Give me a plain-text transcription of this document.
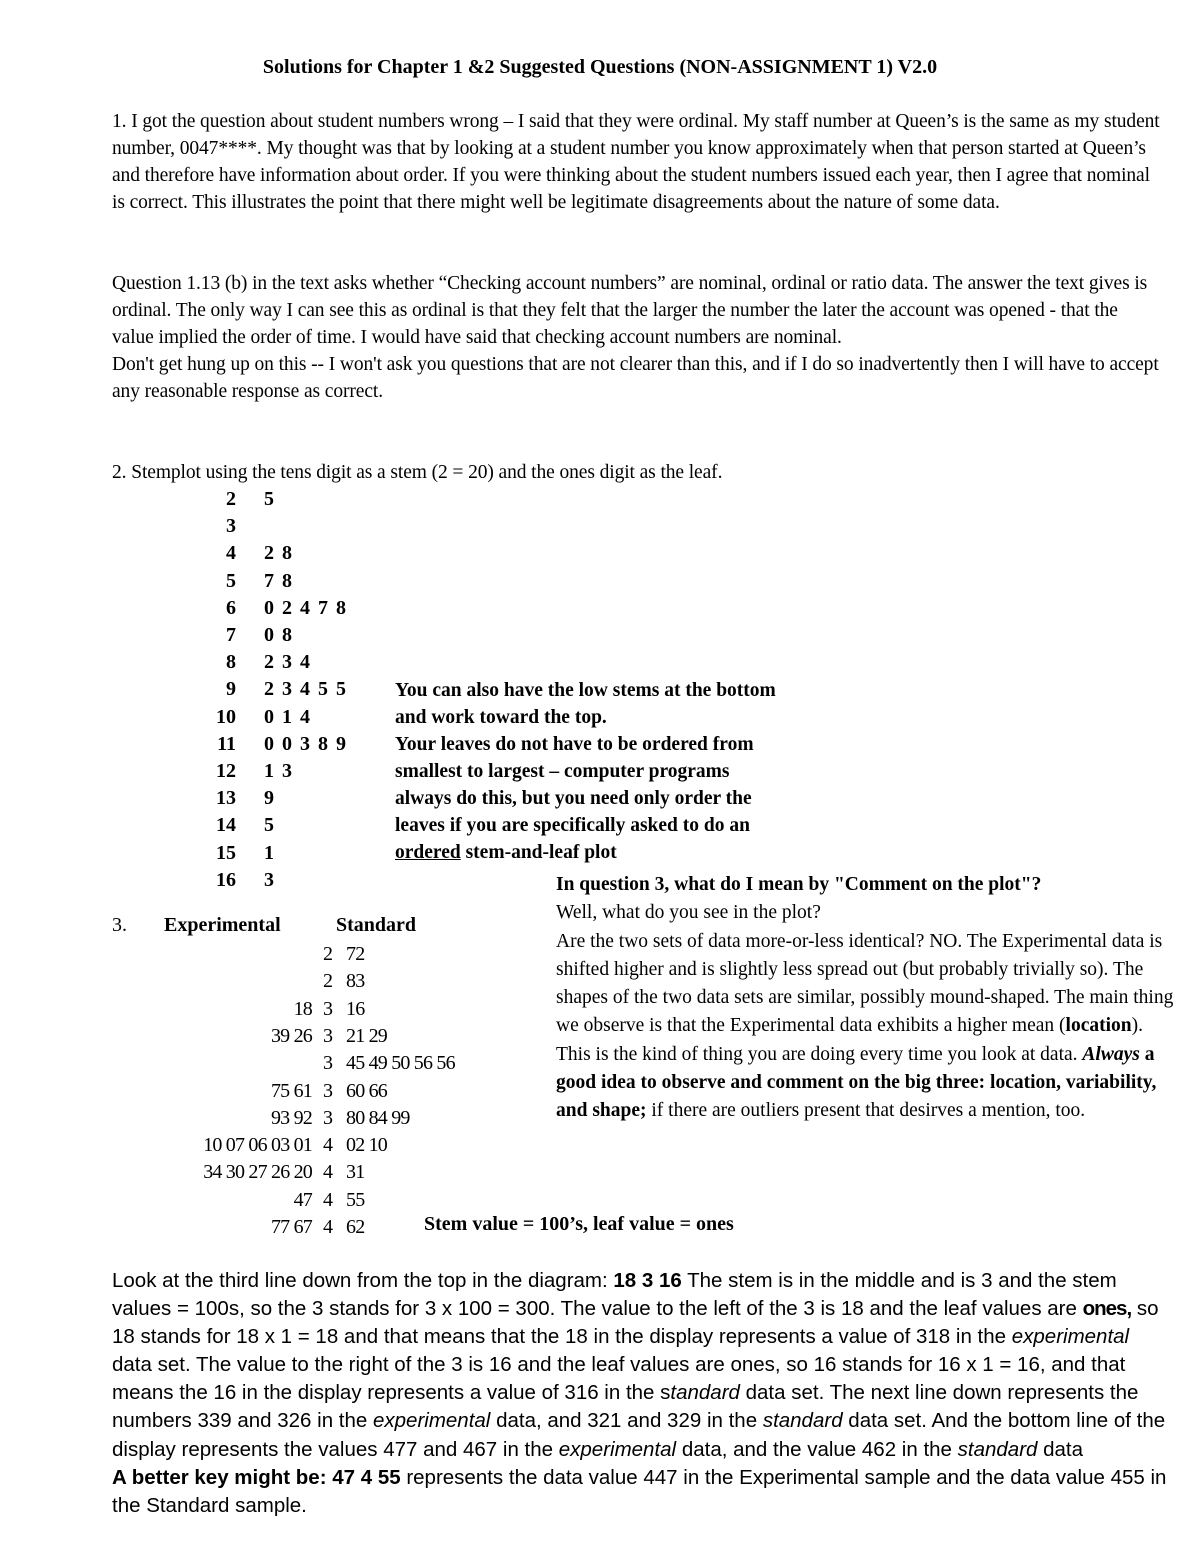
Solutions for Chapter 1 &2 Suggested Questions (NON-ASSIGNMENT 1) V2.0

1. I got the question about student numbers wrong – I said that they were ordinal. My staff number at Queen’s is the same as my student number, 0047****. My thought was that by looking at a student number you know approximately when that person started at Queen’s and therefore have information about order. If you were thinking about the student numbers issued each year, then I agree that nominal is correct. This illustrates the point that there might well be legitimate disagreements about the nature of some data.

Question 1.13 (b) in the text asks whether “Checking account numbers” are nominal, ordinal or ratio data. The answer the text gives is ordinal. The only way I can see this as ordinal is that they felt that the larger the number the later the account was opened - that the value implied the order of time. I would have said that checking account numbers are nominal.

Don't get hung up on this -- I won't ask you questions that are not clearer than this, and if I do so inadvertently then I will have to accept any reasonable response as correct.

2. Stemplot using the tens digit as a stem (2 = 20) and the ones digit as the leaf.

2 5
3
4 2 8
5 7 8
6 0 2 4 7 8
7 0 8
8 2 3 4
9 2 3 4 5 5
10 0 1 4
11 0 0 3 8 9
12 1 3
13 9
14 5
15 1
16 3

You can also have the low stems at the bottom

and work toward the top.

Your leaves do not have to be ordered from

smallest to largest – computer programs

always do this, but you need only order the

leaves if you are specifically asked to do an

ordered stem-and-leaf plot

3. Experimental	Standard
2 72
2 83
18 3 16
39 26 3 21 29
3 45 49 50 56 56
75 61 3 60 66
93 92 3 80 84 99
10 07 06 03 01 4 02 10
34 30 27 26 20 4 31
47 4 55
77 67 4 62	Stem value = 100’s, leaf value = ones

In question 3, what do I mean by "Comment on the plot"?

Well, what do you see in the plot?

Are the two sets of data more-or-less identical? NO. The Experimental data is shifted higher and is slightly less spread out (but probably trivially so). The shapes of the two data sets are similar, possibly mound-shaped. The main thing we observe is that the Experimental data exhibits a higher mean (location).

This is the kind of thing you are doing every time you look at data. Always a good idea to observe and comment on the big three: location, variability, and shape; if there are outliers present that desirves a mention, too.

Look at the third line down from the top in the diagram: 18 3 16 The stem is in the middle and is 3 and the stem values = 100s, so the 3 stands for 3 x 100 = 300. The value to the left of the 3 is 18 and the leaf values are ones, so 18 stands for 18 x 1 = 18 and that means that the 18 in the display represents a value of 318 in the experimental data set. The value to the right of the 3 is 16 and the leaf values are ones, so 16 stands for 16 x 1 = 16, and that means the 16 in the display represents a value of 316 in the standard data set. The next line down represents the numbers 339 and 326 in the experimental data, and 321 and 329 in the standard data set. And the bottom line of the display represents the values 477 and 467 in the experimental data, and the value 462 in the standard data

A better key might be: 47 4 55 represents the data value 447 in the Experimental sample and the data value 455 in the Standard sample.
